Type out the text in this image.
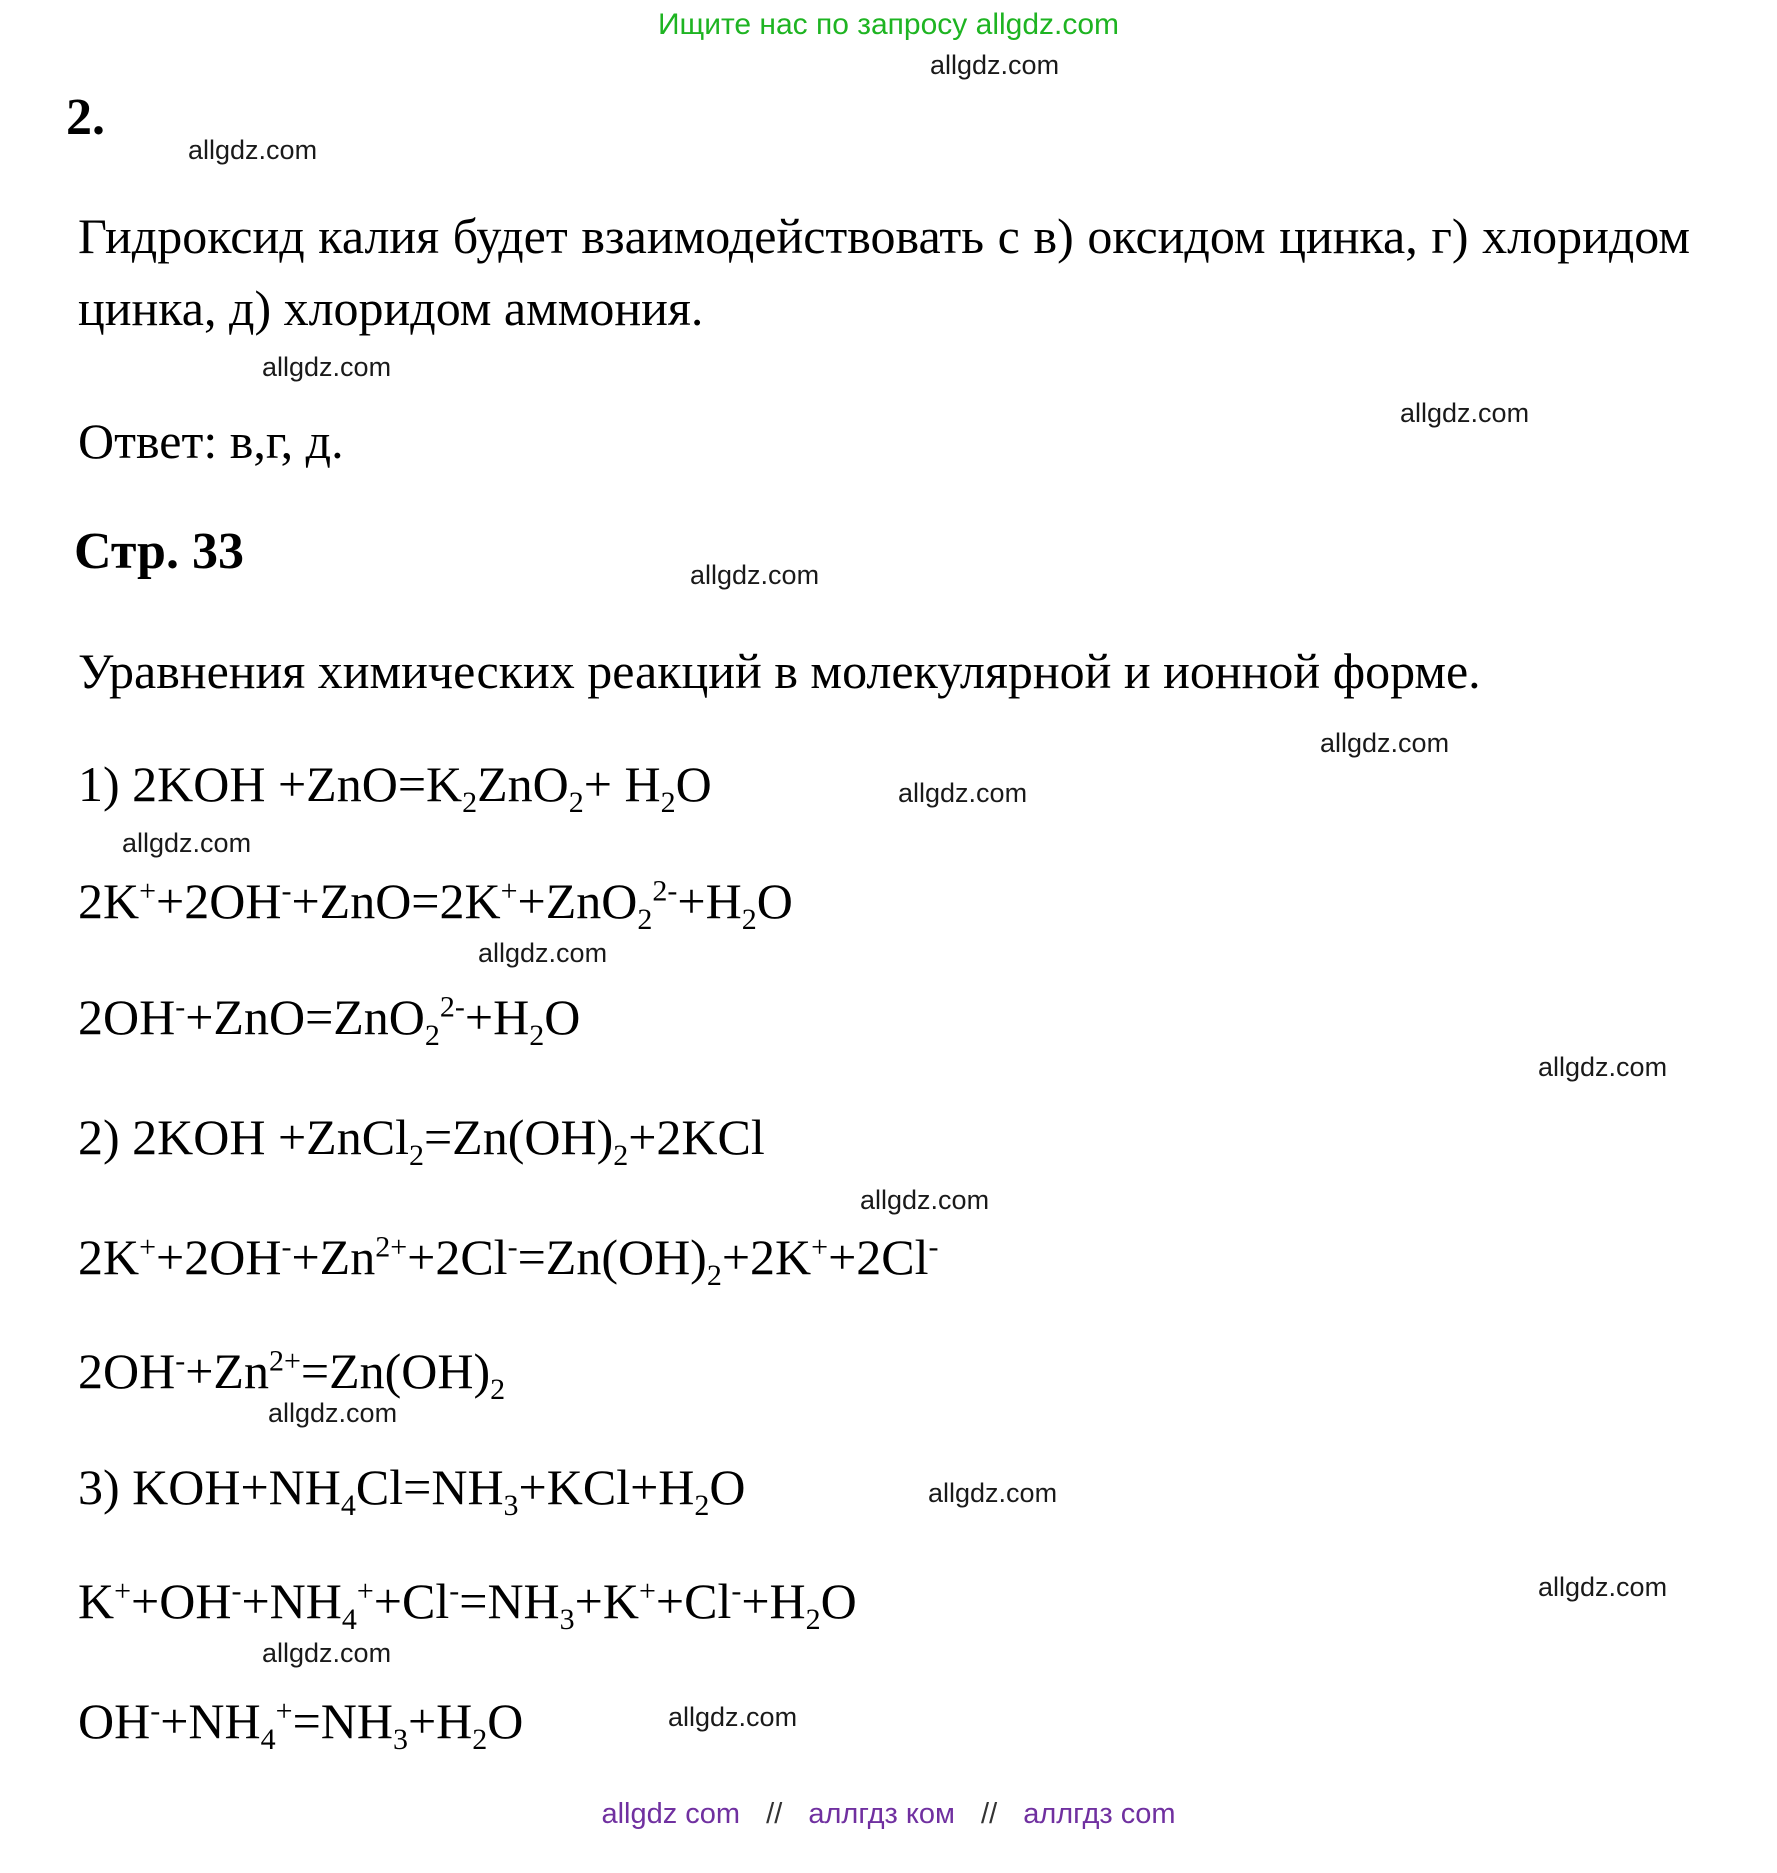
Ищите нас по запросу allgdz.com
allgdz.com
allgdz.com
allgdz.com
allgdz.com
allgdz.com
allgdz.com
allgdz.com
allgdz.com
allgdz.com
allgdz.com
allgdz.com
allgdz.com
allgdz.com
allgdz.com
allgdz.com
allgdz.com
2.
Гидроксид калия будет взаимодействовать с в) оксидом цинка, г) хлоридом цинка, д) хлоридом аммония.
Ответ: в,г, д.
Стр. 33
Уравнения химических реакций в молекулярной и ионной форме.
1) $2KOH +ZnO=K_2ZnO_2+ H_2O$
$2K^++2OH^-+ZnO=2K^++ZnO_2^{2-}+H_2O$
$2OH^-+ZnO=ZnO_2^{2-}+H_2O$
2) $2KOH +ZnCl_2=Zn(OH)_2+2KCl$
$2K^++2OH^-+Zn^{2+}+2Cl^-=Zn(OH)_2+2K^++2Cl^-$
$2OH^-+Zn^{2+}=Zn(OH)_2$
3) $KOH+NH_4Cl=NH_3+KCl+H_2O$
$K^++OH^-+NH_4^++Cl^-=NH_3+K^++Cl^-+H_2O$
$OH^-+NH_4^+=NH_3+H_2O$
allgdz com // аллгдз ком // аллгдз com
